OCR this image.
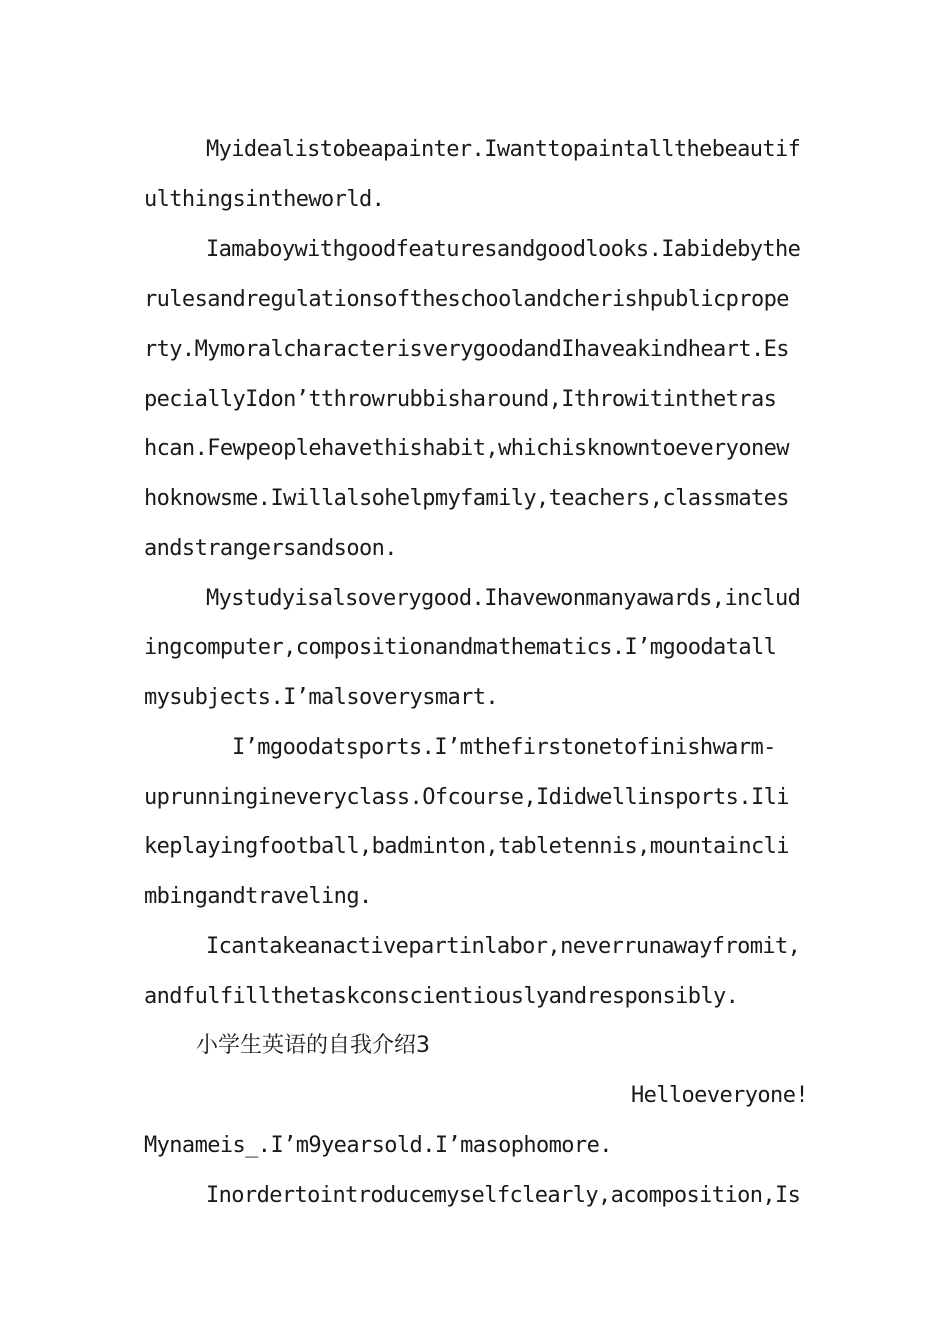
Myidealistobeapainter.Iwanttopaintallthebeautif
ulthingsintheworld.
Iamaboywithgoodfeaturesandgoodlooks.Iabidebythe
rulesandregulationsoftheschoolandcherishpublicprope
rty.MymoralcharacterisverygoodandIhaveakindheart.Es
peciallyIdon’tthrowrubbisharound,Ithrowitinthetras
hcan.Fewpeoplehavethishabit,whichisknowntoeveryonew
hoknowsme.Iwillalsohelpmyfamily,teachers,classmates
andstrangersandsoon.
Mystudyisalsoverygood.Ihavewonmanyawards,includ
ingcomputer,compositionandmathematics.I’mgoodatall
mysubjects.I’malsoverysmart.
I’mgoodatsports.I’mthefirstonetofinishwarm-
uprunningineveryclass.Ofcourse,Ididwellinsports.Ili
keplayingfootball,badminton,tabletennis,mountaincli
mbingandtraveling.
Icantakeanactivepartinlabor,neverrunawayfromit,
andfulfillthetaskconscientiouslyandresponsibly.
小学生英语的自我介绍3
Helloeveryone!
Mynameis_.I’m9yearsold.I’masophomore.
Inordertointroducemyselfclearly,acomposition,Is
